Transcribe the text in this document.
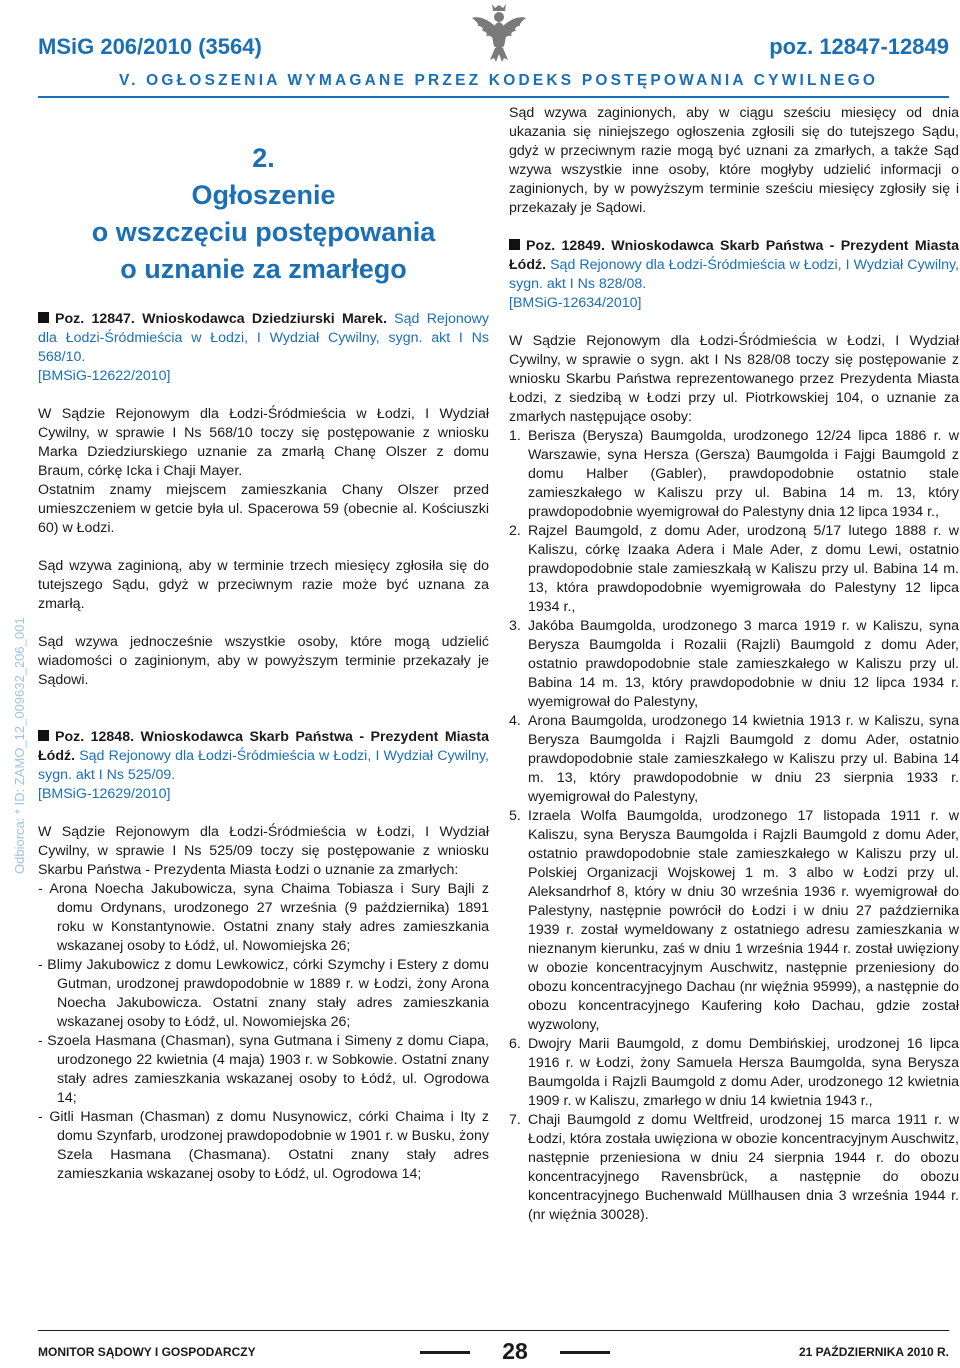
MSiG 206/2010 (3564)	poz. 12847-12849
V. OGŁOSZENIA WYMAGANE PRZEZ KODEKS POSTĘPOWANIA CYWILNEGO
Odbiorca: * ID: ZAMO_12_009632_206_001
2.
Ogłoszenie
o wszczęciu postępowania
o uznanie za zmarłego

Poz. 12847. Wnioskodawca Dziedziurski Marek. Sąd Rejonowy dla Łodzi-Śródmieścia w Łodzi, I Wydział Cywilny, sygn. akt I Ns 568/10.

[BMSiG-12622/2010]

W Sądzie Rejonowym dla Łodzi-Śródmieścia w Łodzi, I Wydział Cywilny, w sprawie I Ns 568/10 toczy się postępowanie z wniosku Marka Dziedziurskiego uznanie za zmarłą Chanę Olszer z domu Braum, córkę Icka i Chaji Mayer.

Ostatnim znamy miejscem zamieszkania Chany Olszer przed umieszczeniem w getcie była ul. Spacerowa 59 (obecnie al. Kościuszki 60) w Łodzi.

Sąd wzywa zaginioną, aby w terminie trzech miesięcy zgłosiła się do tutejszego Sądu, gdyż w przeciwnym razie może być uznana za zmarłą.

Sąd wzywa jednocześnie wszystkie osoby, które mogą udzielić wiadomości o zaginionym, aby w powyższym terminie przekazały je Sądowi.

Poz. 12848. Wnioskodawca Skarb Państwa - Prezydent Miasta Łódź. Sąd Rejonowy dla Łodzi-Śródmieścia w Łodzi, I Wydział Cywilny, sygn. akt I Ns 525/09.

[BMSiG-12629/2010]

W Sądzie Rejonowym dla Łodzi-Śródmieścia w Łodzi, I Wydział Cywilny, w sprawie I Ns 525/09 toczy się postępowanie z wniosku Skarbu Państwa - Prezydenta Miasta Łodzi o uznanie za zmarłych:

- Arona Noecha Jakubowicza, syna Chaima Tobiasza i Sury Bajli z domu Ordynans, urodzonego 27 września (9 października) 1891 roku w Konstantynowie. Ostatni znany stały adres zamieszkania wskazanej osoby to Łódź, ul. Nowomiejska 26;

- Blimy Jakubowicz z domu Lewkowicz, córki Szymchy i Estery z domu Gutman, urodzonej prawdopodobnie w 1889 r. w Łodzi, żony Arona Noecha Jakubowicza. Ostatni znany stały adres zamieszkania wskazanej osoby to Łódź, ul. Nowomiejska 26;

- Szoela Hasmana (Chasman), syna Gutmana i Simeny z domu Ciapa, urodzonego 22 kwietnia (4 maja) 1903 r. w Sobkowie. Ostatni znany stały adres zamieszkania wskazanej osoby to Łódź, ul. Ogrodowa 14;

- Gitli Hasman (Chasman) z domu Nusynowicz, córki Chaima i Ity z domu Szynfarb, urodzonej prawdopodobnie w 1901 r. w Busku, żony Szela Hasmana (Chasmana). Ostatni znany stały adres zamieszkania wskazanej osoby to Łódź, ul. Ogrodowa 14;

Sąd wzywa zaginionych, aby w ciągu sześciu miesięcy od dnia ukazania się niniejszego ogłoszenia zgłosili się do tutejszego Sądu, gdyż w przeciwnym razie mogą być uznani za zmarłych, a także Sąd wzywa wszystkie inne osoby, które mogłyby udzielić informacji o zaginionych, by w powyższym terminie sześciu miesięcy zgłosiły się i przekazały je Sądowi.

Poz. 12849. Wnioskodawca Skarb Państwa - Prezydent Miasta Łódź. Sąd Rejonowy dla Łodzi-Śródmieścia w Łodzi, I Wydział Cywilny, sygn. akt I Ns 828/08.

[BMSiG-12634/2010]

W Sądzie Rejonowym dla Łodzi-Śródmieścia w Łodzi, I Wydział Cywilny, w sprawie o sygn. akt I Ns 828/08 toczy się postępowanie z wniosku Skarbu Państwa reprezentowanego przez Prezydenta Miasta Łodzi, z siedzibą w Łodzi przy ul. Piotrkowskiej 104, o uznanie za zmarłych następujące osoby:

1. Berisza (Berysza) Baumgolda, urodzonego 12/24 lipca 1886 r. w Warszawie, syna Hersza (Gersza) Baumgolda i Fajgi Baumgold z domu Halber (Gabler), prawdopodobnie ostatnio stale zamieszkałego w Kaliszu przy ul. Babina 14 m. 13, który prawdopodobnie wyemigrował do Palestyny dnia 12 lipca 1934 r.,

2. Rajzel Baumgold, z domu Ader, urodzoną 5/17 lutego 1888 r. w Kaliszu, córkę Izaaka Adera i Male Ader, z domu Lewi, ostatnio prawdopodobnie stale zamieszkałą w Kaliszu przy ul. Babina 14 m. 13, która prawdopodobnie wyemigrowała do Palestyny 12 lipca 1934 r.,

3. Jakóba Baumgolda, urodzonego 3 marca 1919 r. w Kaliszu, syna Berysza Baumgolda i Rozalii (Rajzli) Baumgold z domu Ader, ostatnio prawdopodobnie stale zamieszkałego w Kaliszu przy ul. Babina 14 m. 13, który prawdopodobnie w dniu 12 lipca 1934 r. wyemigrował do Palestyny,

4. Arona Baumgolda, urodzonego 14 kwietnia 1913 r. w Kaliszu, syna Berysza Baumgolda i Rajzli Baumgold z domu Ader, ostatnio prawdopodobnie stale zamieszkałego w Kaliszu przy ul. Babina 14 m. 13, który prawdopodobnie w dniu 23 sierpnia 1933 r. wyemigrował do Palestyny,

5. Izraela Wolfa Baumgolda, urodzonego 17 listopada 1911 r. w Kaliszu, syna Berysza Baumgolda i Rajzli Baumgold z domu Ader, ostatnio prawdopodobnie stale zamieszkałego w Kaliszu przy ul. Polskiej Organizacji Wojskowej 1 m. 3 albo w Łodzi przy ul. Aleksandrhof 8, który w dniu 30 września 1936 r. wyemigrował do Palestyny, następnie powrócił do Łodzi i w dniu 27 października 1939 r. został wymeldowany z ostatniego adresu zamieszkania w nieznanym kierunku, zaś w dniu 1 września 1944 r. został uwięziony w obozie koncentracyjnym Auschwitz, następnie przeniesiony do obozu koncentracyjnego Dachau (nr więźnia 95999), a następnie do obozu koncentracyjnego Kaufering koło Dachau, gdzie został wyzwolony,

6. Dwojry Marii Baumgold, z domu Dembińskiej, urodzonej 16 lipca 1916 r. w Łodzi, żony Samuela Hersza Baumgolda, syna Berysza Baumgolda i Rajzli Baumgold z domu Ader, urodzonego 12 kwietnia 1909 r. w Kaliszu, zmarłego w dniu 14 kwietnia 1943 r.,

7. Chaji Baumgold z domu Weltfreid, urodzonej 15 marca 1911 r. w Łodzi, która została uwięziona w obozie koncentracyjnym Auschwitz, następnie przeniesiona w dniu 24 sierpnia 1944 r. do obozu koncentracyjnego Ravensbrück, a następnie do obozu koncentracyjnego Buchenwald Müllhausen dnia 3 września 1944 r. (nr więźnia 30028).

MONITOR SĄDOWY I GOSPODARCZY	28	21 PAŹDZIERNIKA 2010 R.
